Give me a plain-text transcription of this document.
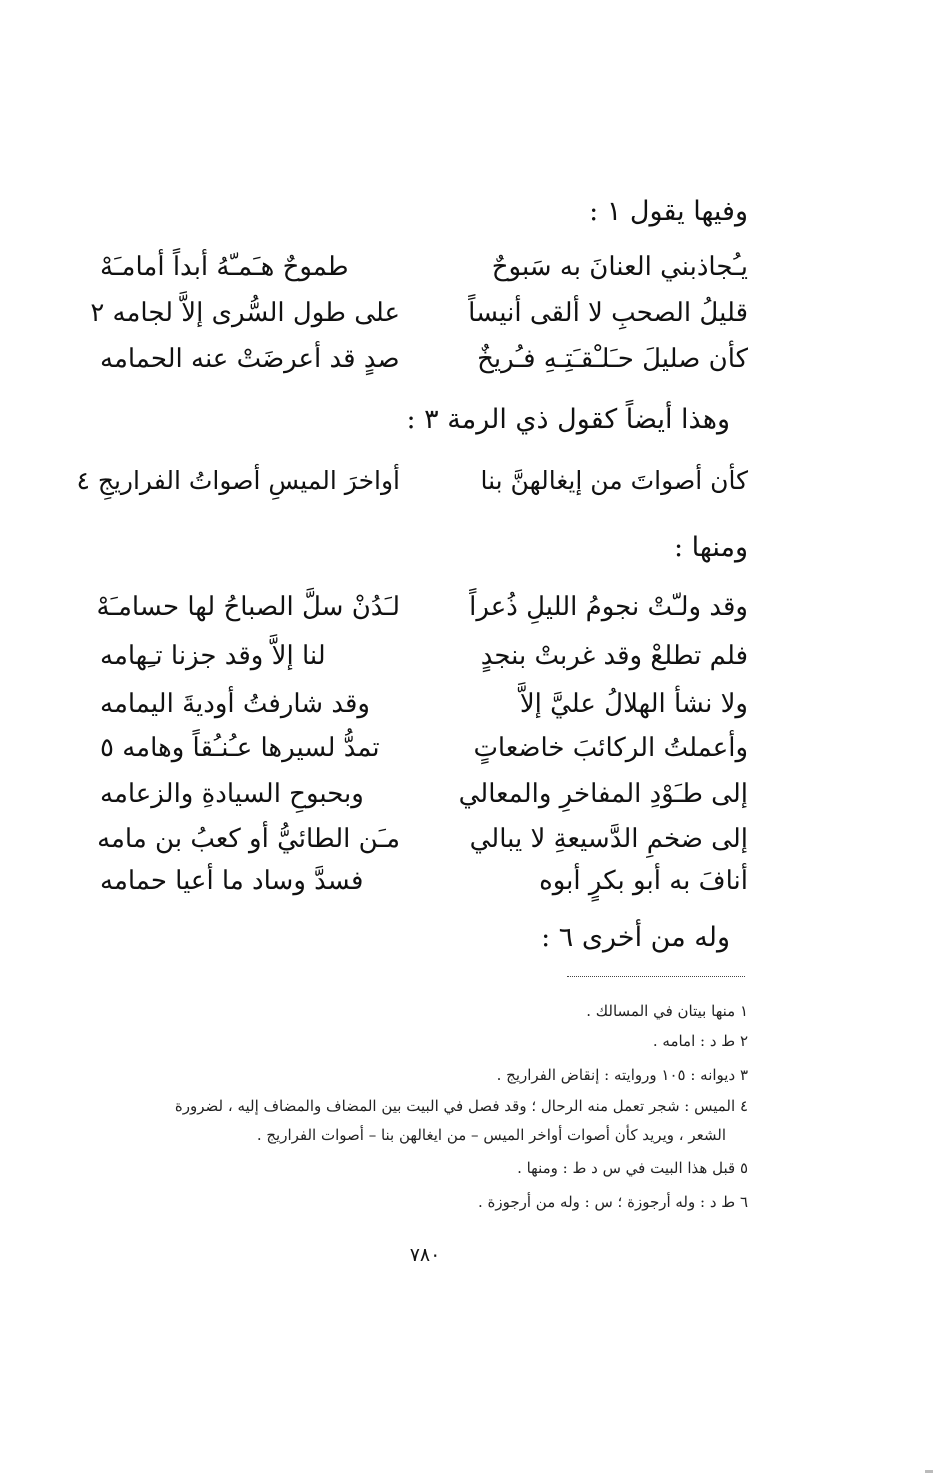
وفيها يقول ١ :
يـُجاذبني العنانَ به سَبوحٌ
طموحٌ هـَمـّهُ أبداً أمامـَهْ
قليلُ الصحبِ لا ألقى أنيساً
على طول السُّرى إلاَّ لجامه ٢
كأن صليلَ حـَلـْقـَتِـهِ فـُريخٌ
صدٍ قد أعرضَتْ عنه الحمامه
وهذا أيضاً كقول ذي الرمة ٣ :
كأن أصواتَ من إيغالهنَّ بنا
أواخرَ الميسِ أصواتُ الفراريجِ ٤
ومنها :
وقد ولـّتْ نجومُ الليلِ ذُعراً
لـَدُنْ سلَّ الصباحُ لها حسامـَهْ
فلم تطلعْ وقد غربتْ بنجدٍ
لنا إلاَّ وقد جزنا تـِهامه
ولا نشأ الهلالُ عليَّ إلاَّ
وقد شارفتُ أوديةَ اليمامه
وأعملتُ الركائبَ خاضعاتٍ
تمدُّ لسيرها عـُنـُقاً وهامه ٥
إلى طـَوْدِ المفاخرِ والمعالي
وبحبوحِ السيادةِ والزعامه
إلى ضخمِ الدَّسيعةِ لا يبالي
مـَن الطائيُّ أو كعبُ بن مامه
أنافَ به أبو بكرٍ أبوه
فسدَّ وساد ما أعيا حمامه
وله من أخرى ٦ :
١ منها بيتان في المسالك .
٢ ط د : امامه .
٣ ديوانه : ١٠٥ وروايته : إنقاض الفراريج .
٤ الميس : شجر تعمل منه الرحال ؛ وقد فصل في البيت بين المضاف والمضاف إليه ، لضرورة
الشعر ، ويريد كأن أصوات أواخر الميس – من ايغالهن بنا – أصوات الفراريج .
٥ قبل هذا البيت في س د ط : ومنها .
٦ ط د : وله أرجوزة ؛ س : وله من أرجوزة .
٧٨٠
